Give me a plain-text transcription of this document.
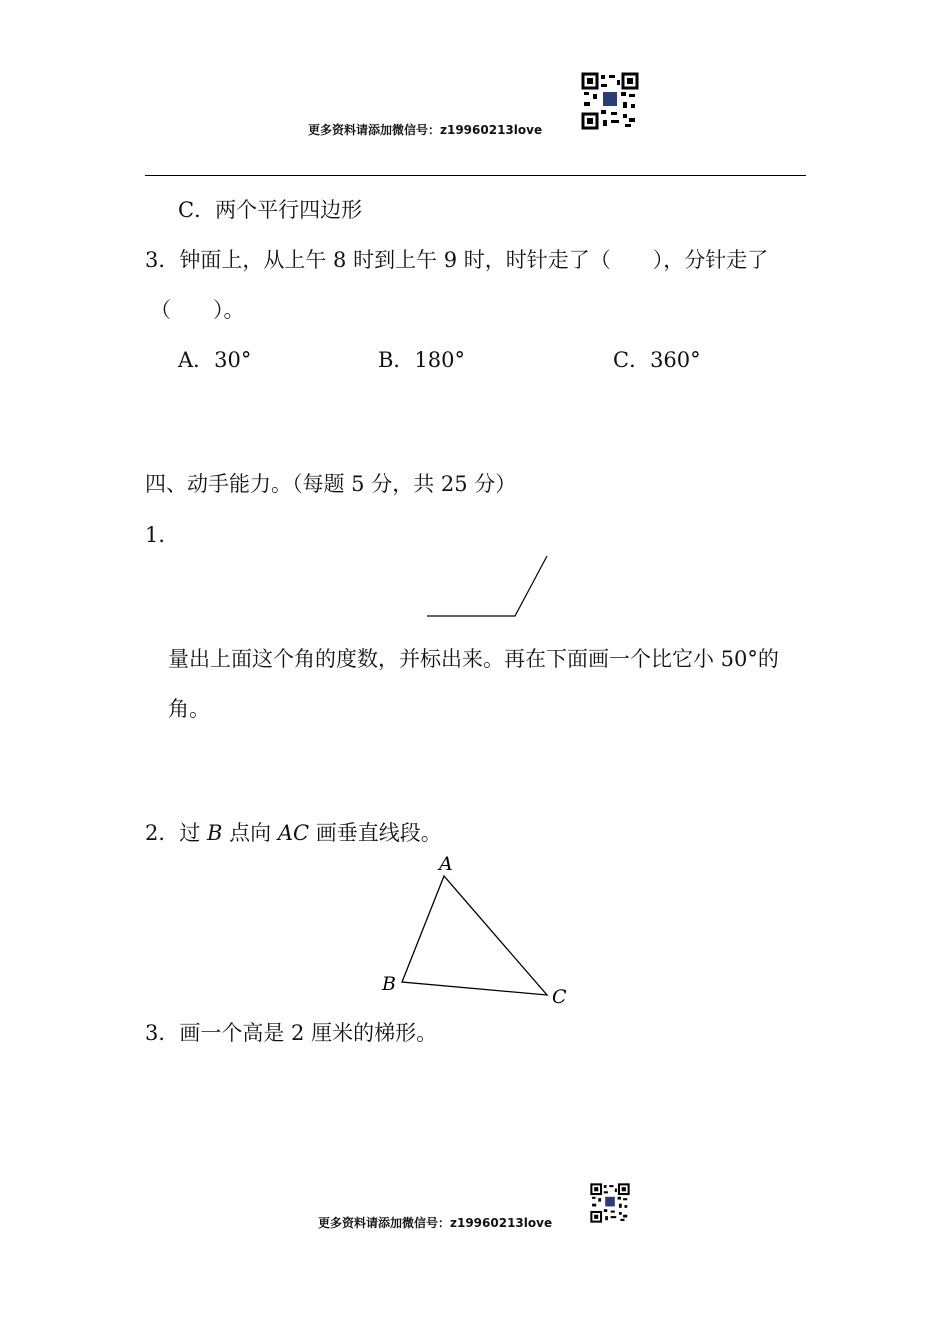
更多资料请添加微信号：z19960213love
C．两个平行四边形
3．钟面上，从上午 8 时到上午 9 时，时针走了（　　），分针走了
（　　）。
A．30°	B．180°	C．360°
四、动手能力。（每题 5 分，共 25 分）
1．
量出上面这个角的度数，并标出来。再在下面画一个比它小 50°的
角。
2．过 B 点向 AC 画垂直线段。
A
B
C
3．画一个高是 2 厘米的梯形。
更多资料请添加微信号：z19960213love
